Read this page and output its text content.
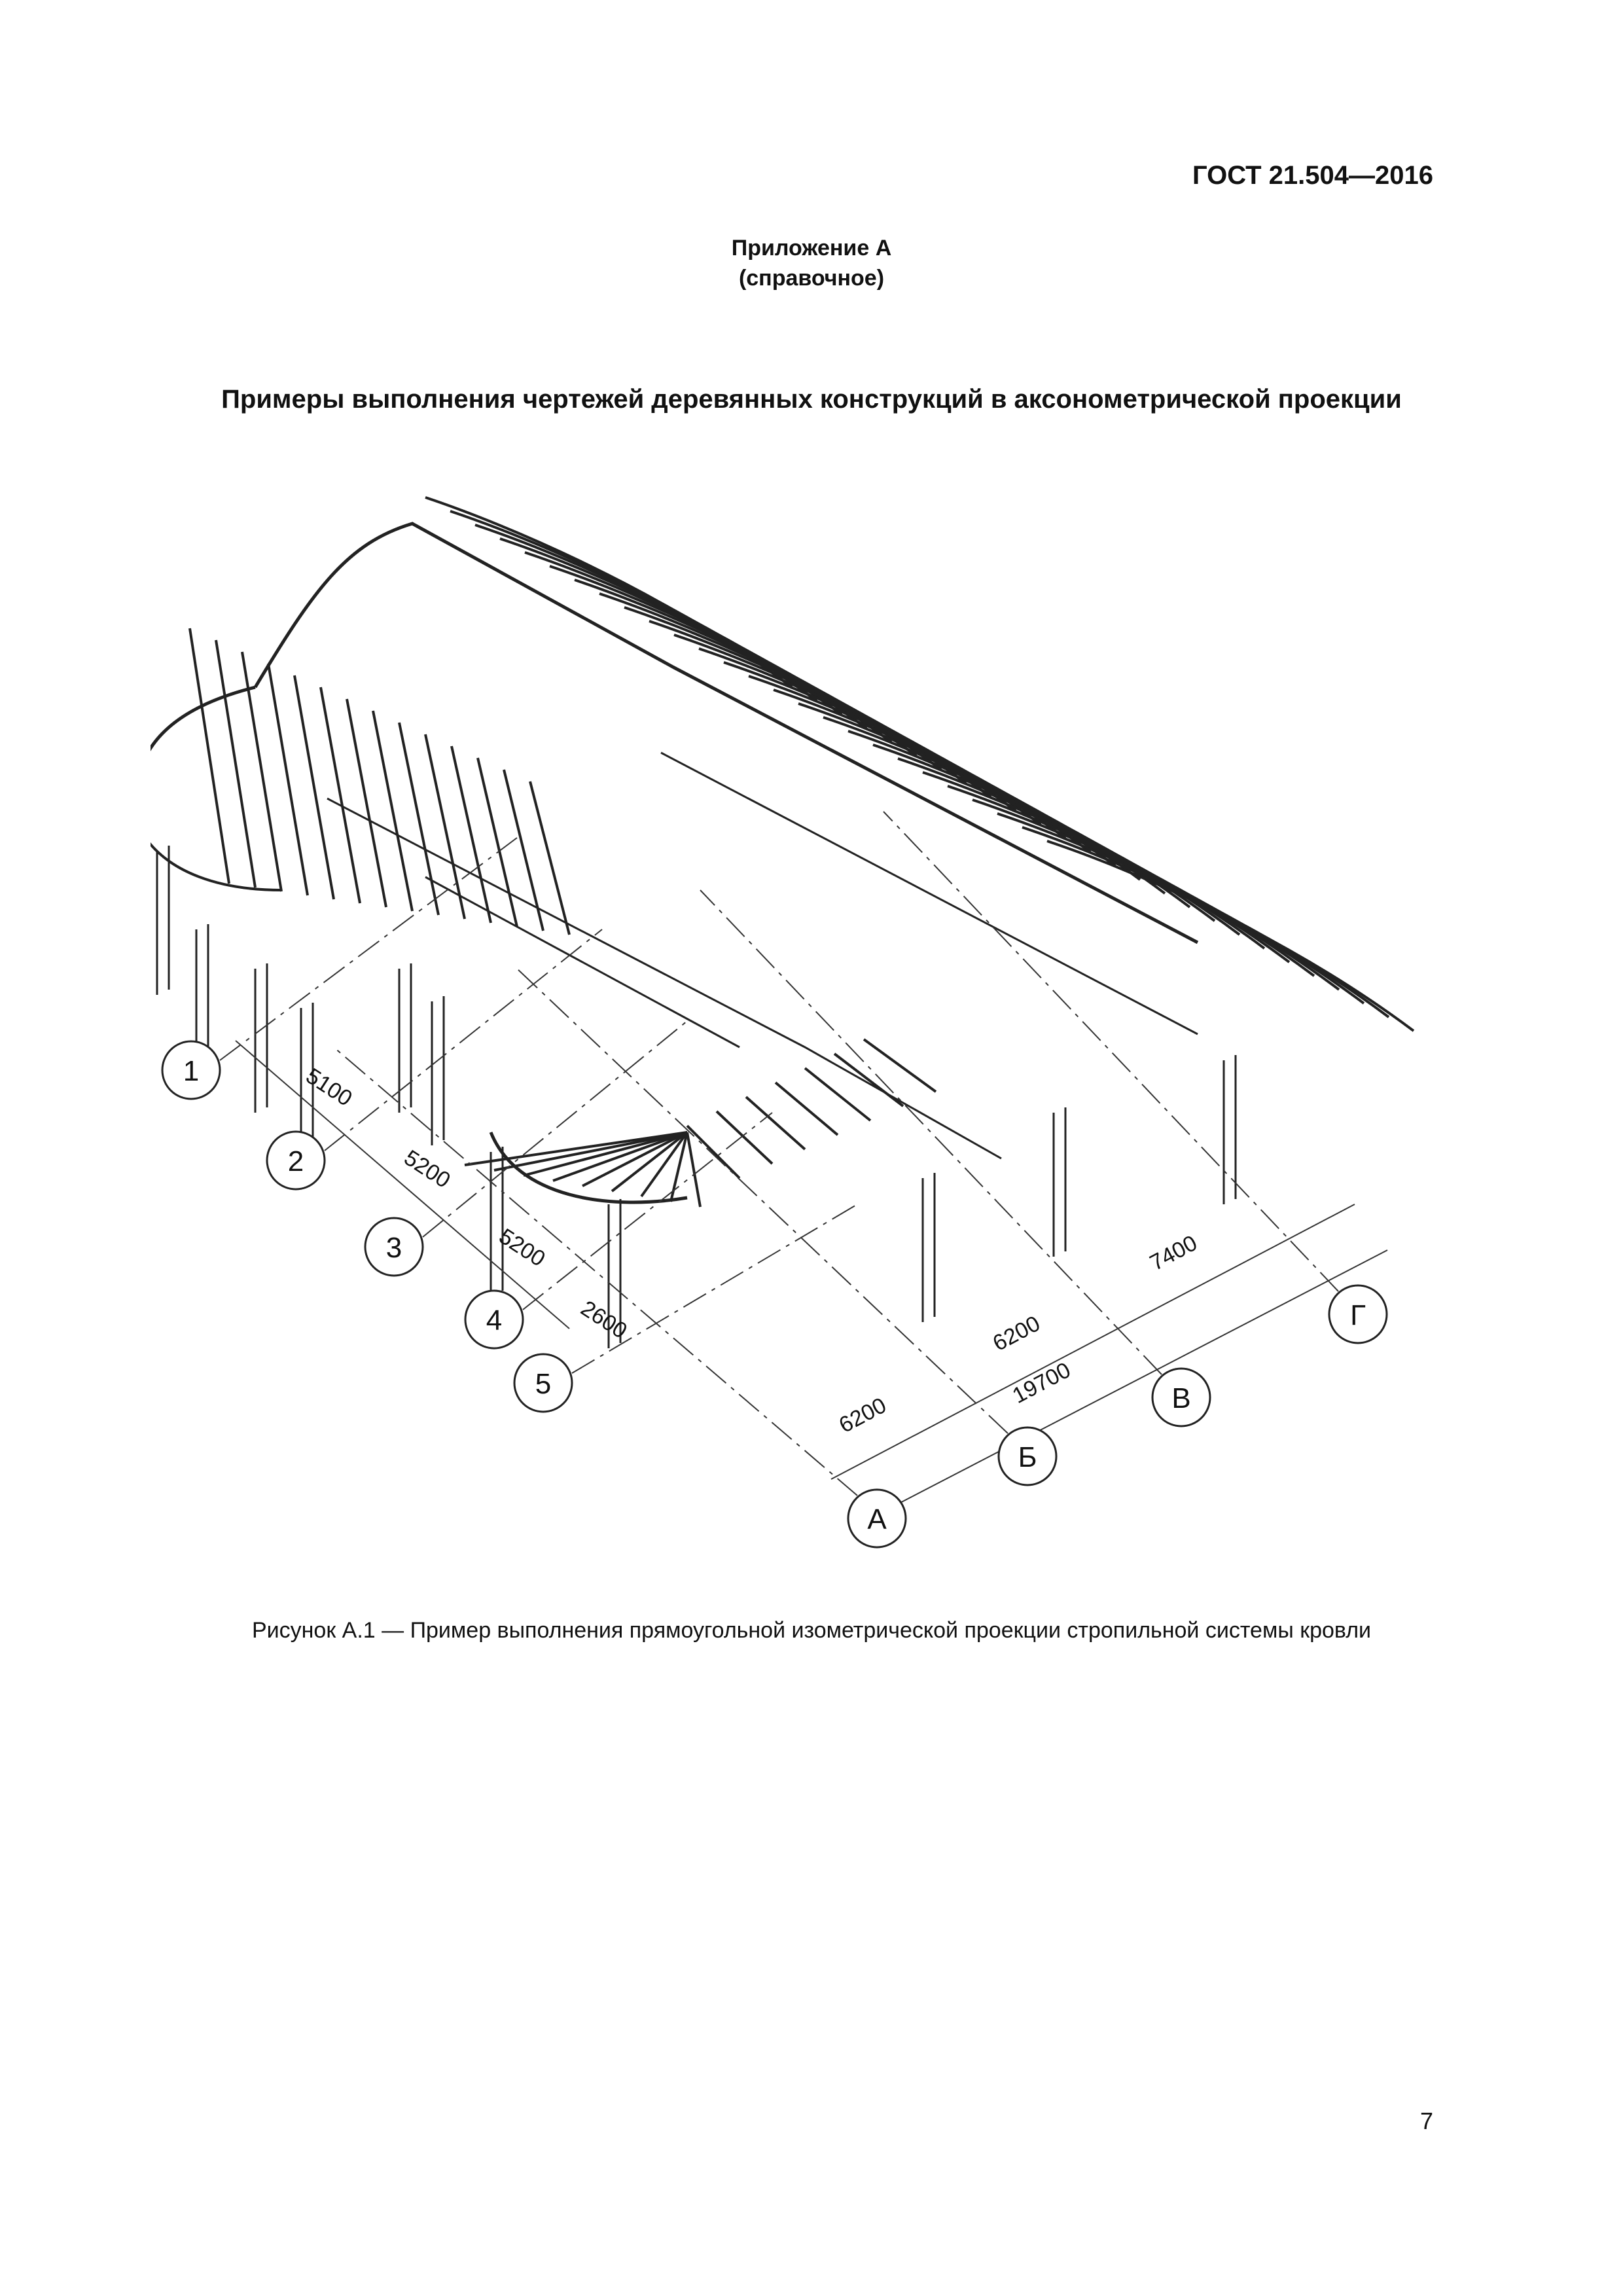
ГОСТ 21.504—2016
Приложение А
(справочное)
Примеры выполнения чертежей деревянных конструкций в аксонометрической проекции
5100
5200
5200
2600
6200
6200
7400
19700
1
2
3
4
5
А
Б
В
Г
Рисунок А.1 — Пример выполнения прямоугольной изометрической проекции стропильной системы кровли
7
